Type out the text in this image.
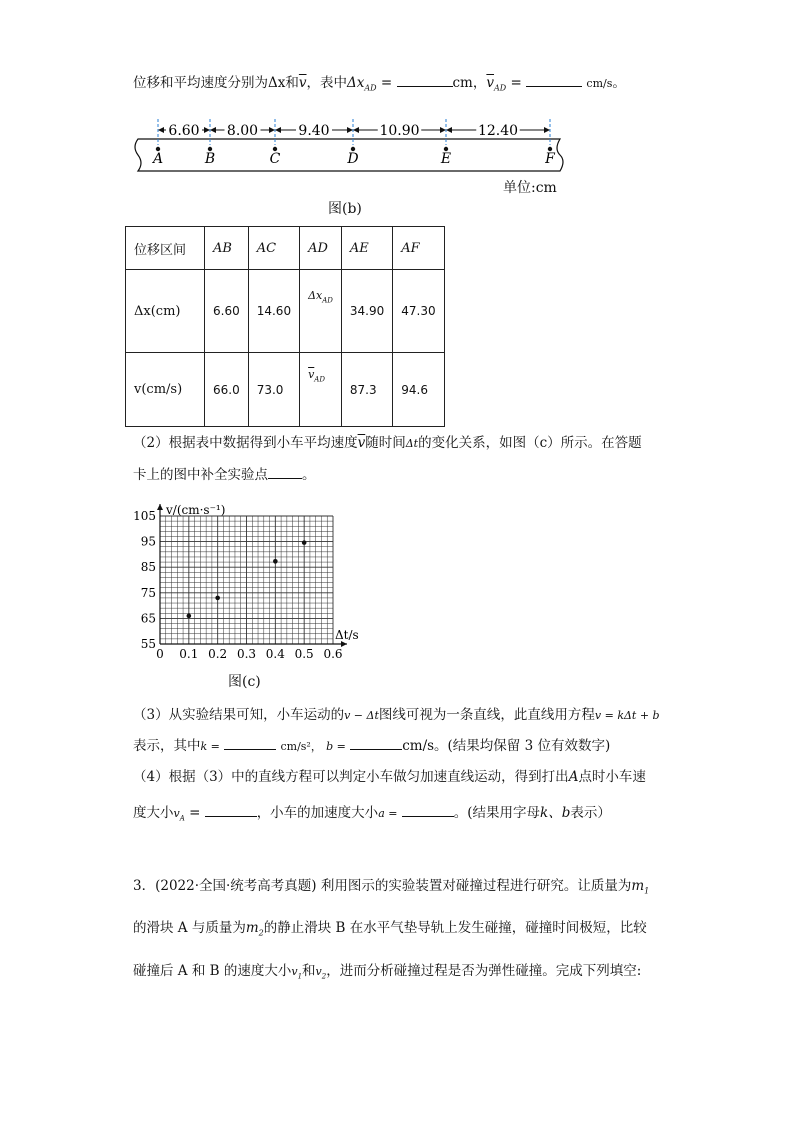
位移和平均速度分别为Δx和$\overline{v}$，表中$\Delta x_{AD}$ =	cm，$\overline{v}_{AD}$ =	cm/s。
A	B	C	D	E	F
6.60 8.00	9.40	10.90	12.40
单位:cm
图(b)
位移区间	AB	AC	AD	AE	AF
Δx(cm)	6.60	14.60	$\Delta x_{AD}$	34.90	47.30
v(cm/s)	66.0	73.0	$\overline{v}_{AD}$	87.3	94.6
（2）根据表中数据得到小车平均速度$\overline{v}$随时间Δt的变化关系，如图（c）所示。在答题
卡上的图中补全实验点	。
v/(cm·s⁻¹)
Δt/s
0 0.1 0.2 0.3 0.4 0.5 0.6
55
65
75
85
95
105
图(c)
（3）从实验结果可知，小车运动的v − Δt图线可视为一条直线，此直线用方程v = kΔt + b
表示，其中k =	cm/s²， b =	cm/s。(结果均保留 3 位有效数字)
（4）根据（3）中的直线方程可以判定小车做匀加速直线运动，得到打出A点时小车速
度大小$v_A$ =	，小车的加速度大小a =	。(结果用字母k、b表示）
3．(2022·全国·统考高考真题) 利用图示的实验装置对碰撞过程进行研究。让质量为$m_1$
的滑块 A 与质量为$m_2$的静止滑块 B 在水平气垫导轨上发生碰撞，碰撞时间极短，比较
碰撞后 A 和 B 的速度大小$v_1$和$v_2$，进而分析碰撞过程是否为弹性碰撞。完成下列填空:
